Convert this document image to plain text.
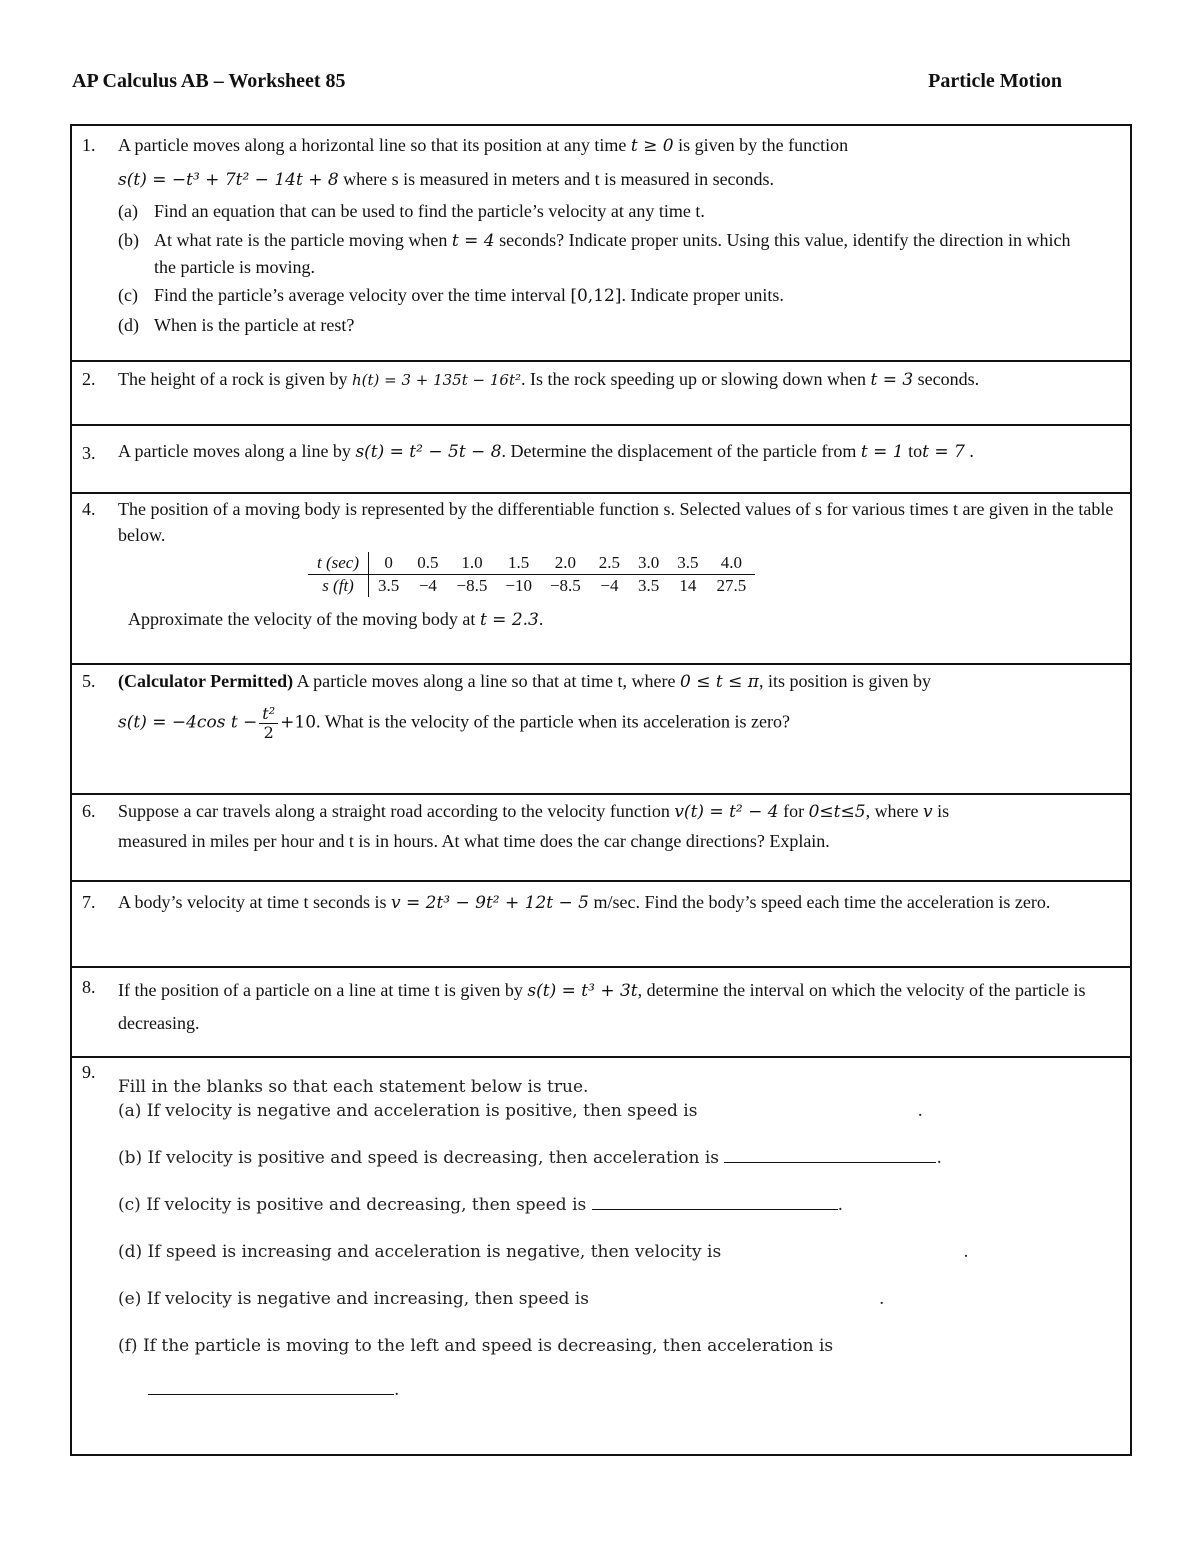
AP Calculus AB – Worksheet 85	Particle Motion
1. A particle moves along a horizontal line so that its position at any time t ≥ 0 is given by the function
s(t) = −t³ + 7t² − 14t + 8 where s is measured in meters and t is measured in seconds.
(a) Find an equation that can be used to find the particle’s velocity at any time t.
(b) At what rate is the particle moving when t = 4 seconds? Indicate proper units. Using this value, identify the direction in which the particle is moving.
(c) Find the particle’s average velocity over the time interval [0,12]. Indicate proper units.
(d) When is the particle at rest?
2. The height of a rock is given by h(t) = 3 + 135t − 16t². Is the rock speeding up or slowing down when t = 3 seconds.
3. A particle moves along a line by s(t) = t² − 5t − 8. Determine the displacement of the particle from t = 1 tot = 7 .
4. The position of a moving body is represented by the differentiable function s. Selected values of s for various times t are given in the table below.
t (sec)	0	0.5	1.0	1.5	2.0	2.5	3.0	3.5	4.0
s (ft)	3.5	−4	−8.5	−10	−8.5	−4	3.5	14	27.5
Approximate the velocity of the moving body at t = 2.3.
5. (Calculator Permitted) A particle moves along a line so that at time t, where 0 ≤ t ≤ π, its position is given by
s(t) = −4cos $t - \frac{\text{t²}}{2} +10$. What is the velocity of the particle when its acceleration is zero?
6. Suppose a car travels along a straight road according to the velocity function v(t) = t² − 4 for 0≤t≤5, where v is
measured in miles per hour and t is in hours. At what time does the car change directions? Explain.
7. A body’s velocity at time t seconds is v = 2t³ − 9t² + 12t − 5 m/sec. Find the body’s speed each time the acceleration is zero.
8. If the position of a particle on a line at time t is given by s(t) = t³ + 3t, determine the interval on which the velocity of the particle is decreasing.
9.
Fill in the blanks so that each statement below is true.
(a) If velocity is negative and acceleration is positive, then speed is	.
(b) If velocity is positive and speed is decreasing, then acceleration is	.
(c) If velocity is positive and decreasing, then speed is	.
(d) If speed is increasing and acceleration is negative, then velocity is	.
(e) If velocity is negative and increasing, then speed is	.
(f) If the particle is moving to the left and speed is decreasing, then acceleration is
.
